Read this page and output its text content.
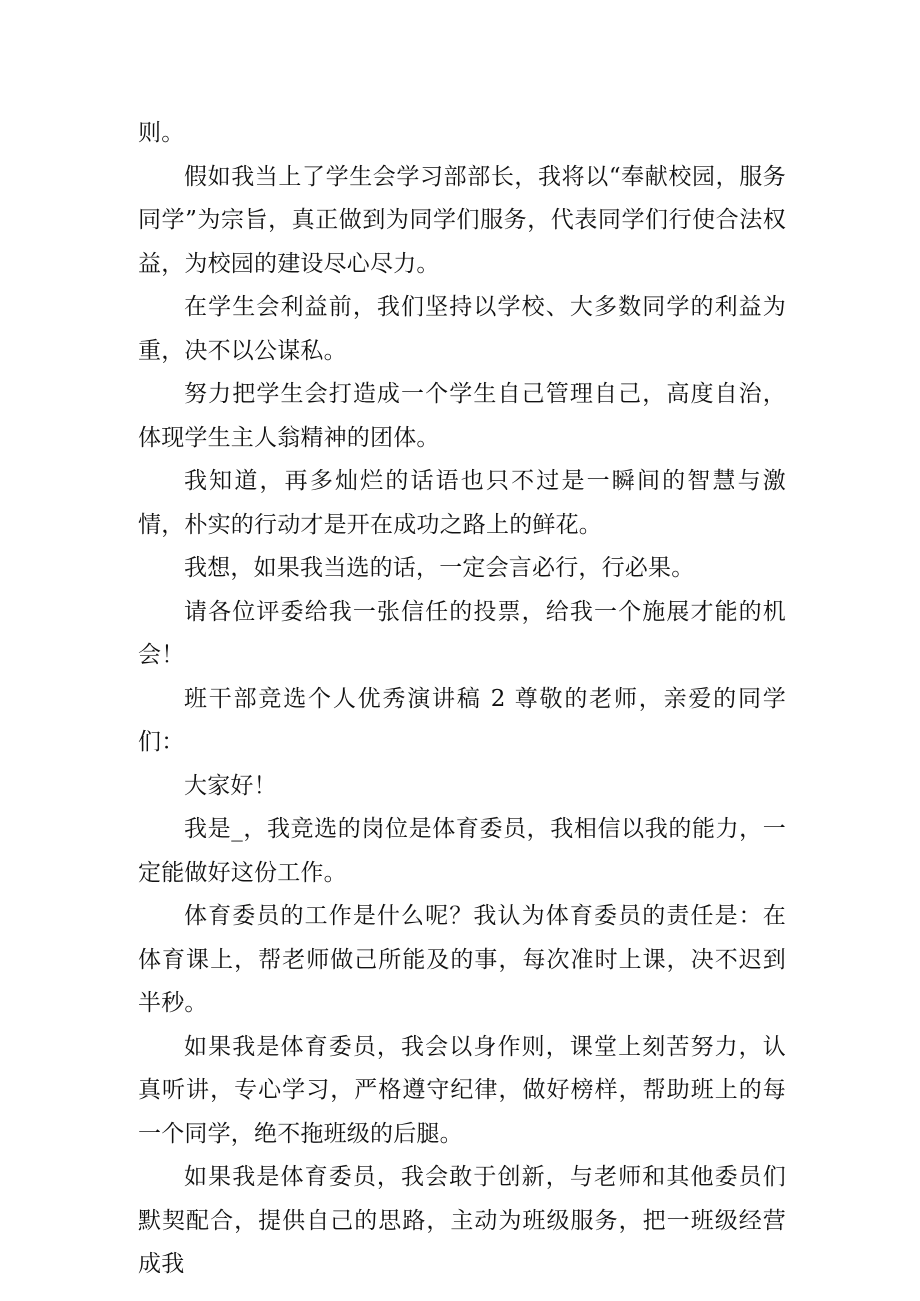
则。

假如我当上了学生会学习部部长，我将以“奉献校园，服务同学”为宗旨，真正做到为同学们服务，代表同学们行使合法权益，为校园的建设尽心尽力。

在学生会利益前，我们坚持以学校、大多数同学的利益为重，决不以公谋私。

努力把学生会打造成一个学生自己管理自己，高度自治，体现学生主人翁精神的团体。

我知道，再多灿烂的话语也只不过是一瞬间的智慧与激情，朴实的行动才是开在成功之路上的鲜花。

我想，如果我当选的话，一定会言必行，行必果。

请各位评委给我一张信任的投票，给我一个施展才能的机会！

班干部竞选个人优秀演讲稿 2 尊敬的老师，亲爱的同学们：

大家好！

我是_，我竞选的岗位是体育委员，我相信以我的能力，一定能做好这份工作。

体育委员的工作是什么呢？我认为体育委员的责任是：在体育课上，帮老师做己所能及的事，每次准时上课，决不迟到半秒。

如果我是体育委员，我会以身作则，课堂上刻苦努力，认真听讲，专心学习，严格遵守纪律，做好榜样，帮助班上的每一个同学，绝不拖班级的后腿。

如果我是体育委员，我会敢于创新，与老师和其他委员们默契配合，提供自己的思路，主动为班级服务，把一班级经营成我
